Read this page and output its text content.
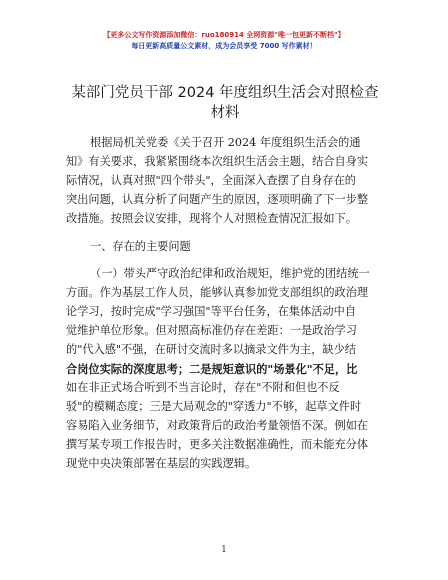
【更多公文写作资源添加微信：ruo180914 全网资源"唯一包更新不断档"】
每日更新高质量公文素材，成为会员享受 7000 写作素材！
某部门党员干部 2024 年度组织生活会对照检查
材料
根据局机关党委《关于召开 2024 年度组织生活会的通
知》有关要求，我紧紧围绕本次组织生活会主题，结合自身实
际情况，认真对照"四个带头"，全面深入查摆了自身存在的
突出问题，认真分析了问题产生的原因，逐项明确了下一步整
改措施。按照会议安排，现将个人对照检查情况汇报如下。
一、存在的主要问题
（一）带头严守政治纪律和政治规矩，维护党的团结统一
方面。作为基层工作人员，能够认真参加党支部组织的政治理
论学习，按时完成"学习强国"等平台任务，在集体活动中自
觉维护单位形象。但对照高标准仍存在差距：一是政治学习
的"代入感"不强，在研讨交流时多以摘录文件为主，缺少结
合岗位实际的深度思考；二是规矩意识的"场景化"不足，比
如在非正式场合听到不当言论时，存在"不附和但也不反
驳"的模糊态度；三是大局观念的"穿透力"不够，起草文件时
容易陷入业务细节，对政策背后的政治考量领悟不深。例如在
撰写某专项工作报告时，更多关注数据准确性，而未能充分体
现党中央决策部署在基层的实践逻辑。
1
